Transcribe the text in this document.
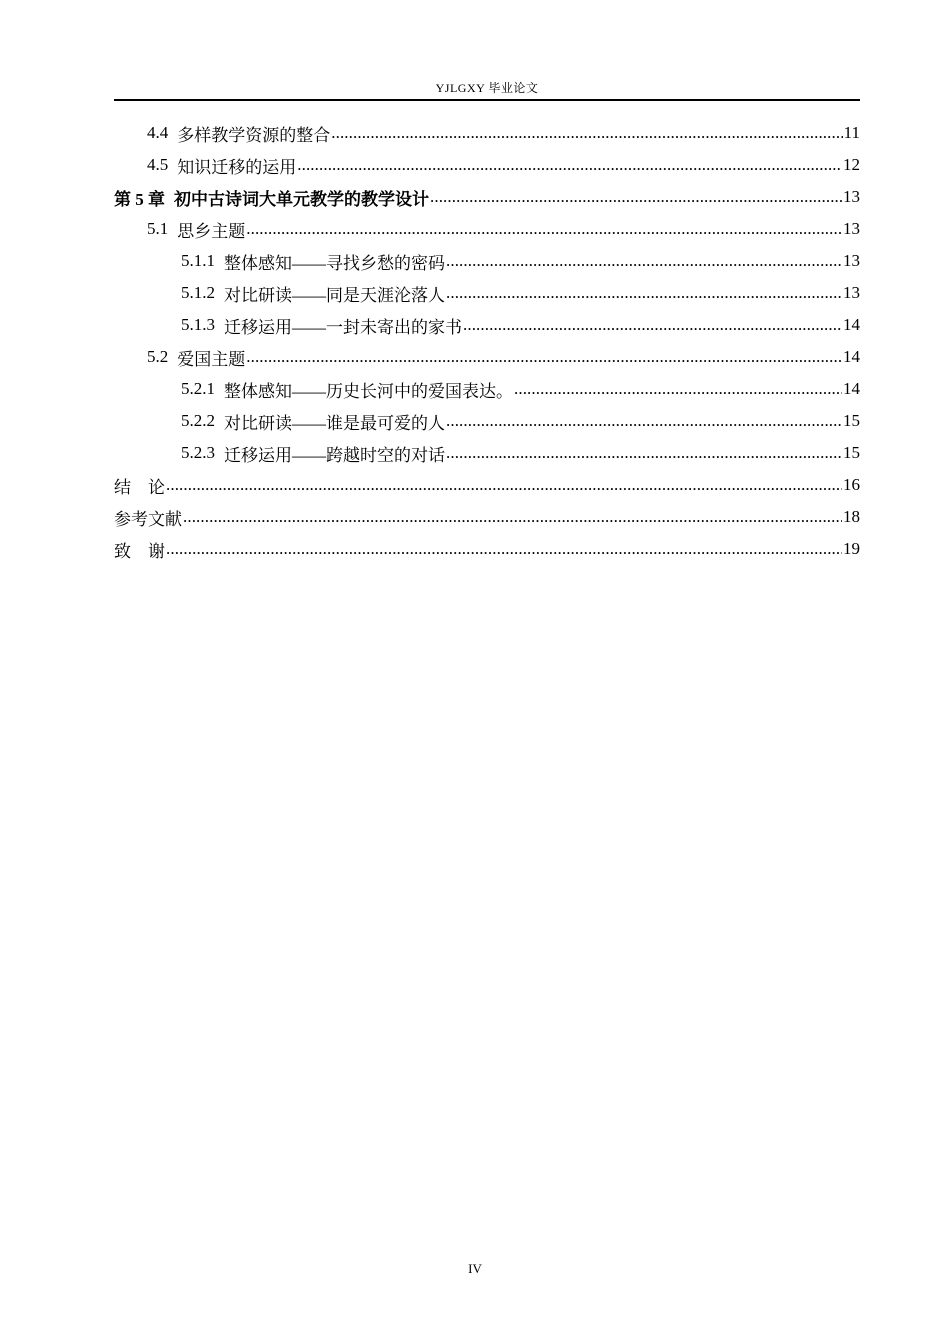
YJLGXY 毕业论文
4.4 多样教学资源的整合 .....	11
4.5 知识迁移的运用 .....	12
第 5 章 初中古诗词大单元教学的教学设计 .....	13
5.1 思乡主题 .....	13
5.1.1 整体感知——寻找乡愁的密码 .....	13
5.1.2 对比研读——同是天涯沦落人 .....	13
5.1.3 迁移运用——一封未寄出的家书 .....	14
5.2 爱国主题 .....	14
5.2.1 整体感知——历史长河中的爱国表达。 .....	14
5.2.2 对比研读——谁是最可爱的人 .....	15
5.2.3 迁移运用——跨越时空的对话 .....	15
结　论 .....	16
参考文献 .....	18
致　谢 .....	19
IV
